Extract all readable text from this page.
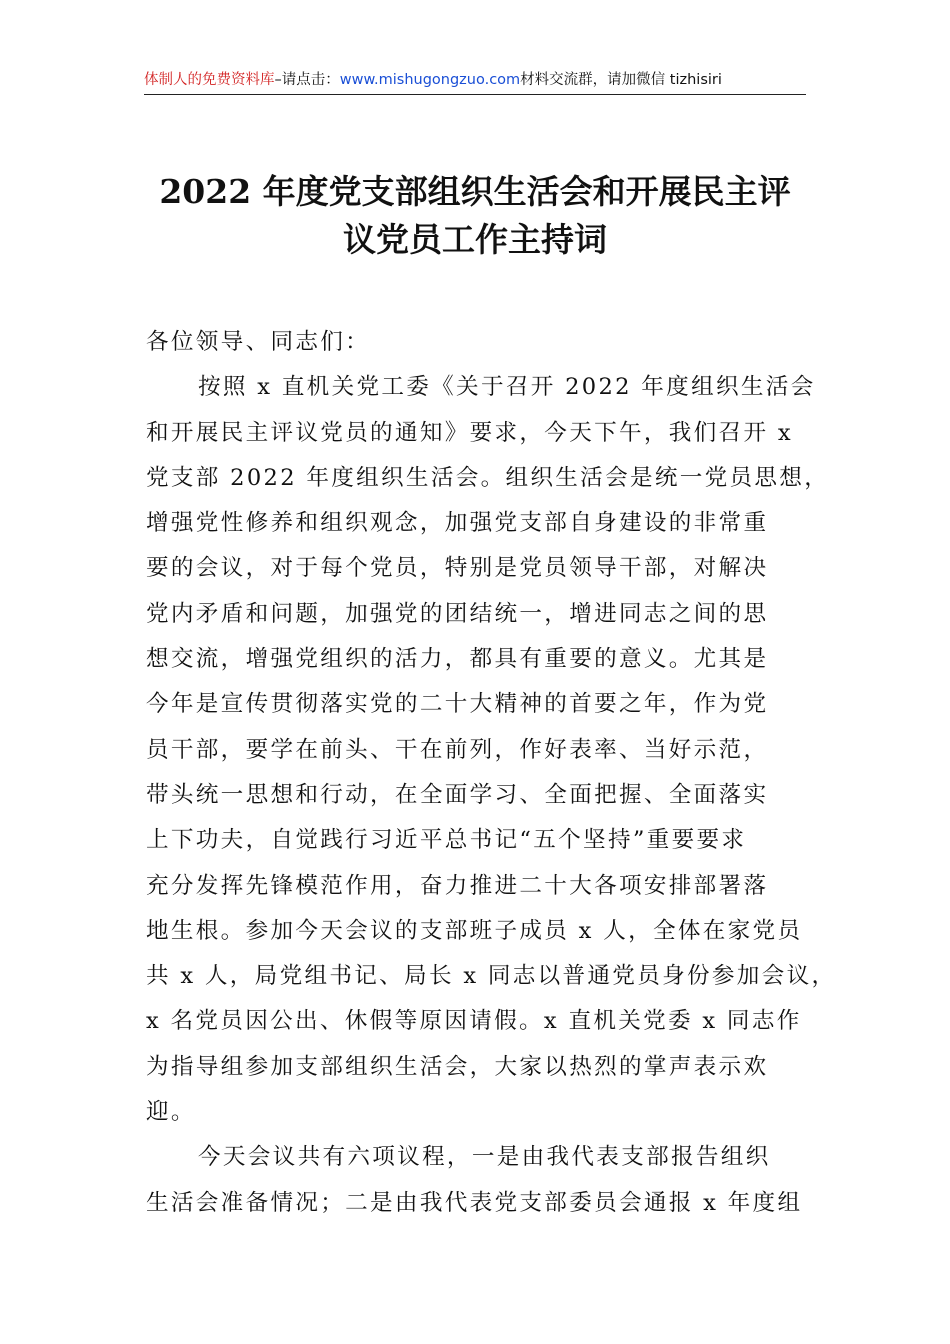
体制人的免费资料库–请点击：www.mishugongzuo.com材料交流群，请加微信 tizhisiri
2022 年度党支部组织生活会和开展民主评
议党员工作主持词
各位领导、同志们：
按照 x 直机关党工委《关于召开 2022 年度组织生活会
和开展民主评议党员的通知》要求，今天下午，我们召开 x
党支部 2022 年度组织生活会。组织生活会是统一党员思想，
增强党性修养和组织观念，加强党支部自身建设的非常重
要的会议，对于每个党员，特别是党员领导干部，对解决
党内矛盾和问题，加强党的团结统一，增进同志之间的思
想交流，增强党组织的活力，都具有重要的意义。尤其是
今年是宣传贯彻落实党的二十大精神的首要之年，作为党
员干部，要学在前头、干在前列，作好表率、当好示范，
带头统一思想和行动，在全面学习、全面把握、全面落实
上下功夫，自觉践行习近平总书记“五个坚持”重要要求
充分发挥先锋模范作用，奋力推进二十大各项安排部署落
地生根。参加今天会议的支部班子成员 x 人，全体在家党员
共 x 人，局党组书记、局长 x 同志以普通党员身份参加会议，
x 名党员因公出、休假等原因请假。x 直机关党委 x 同志作
为指导组参加支部组织生活会，大家以热烈的掌声表示欢
迎。
今天会议共有六项议程，一是由我代表支部报告组织
生活会准备情况；二是由我代表党支部委员会通报 x 年度组
